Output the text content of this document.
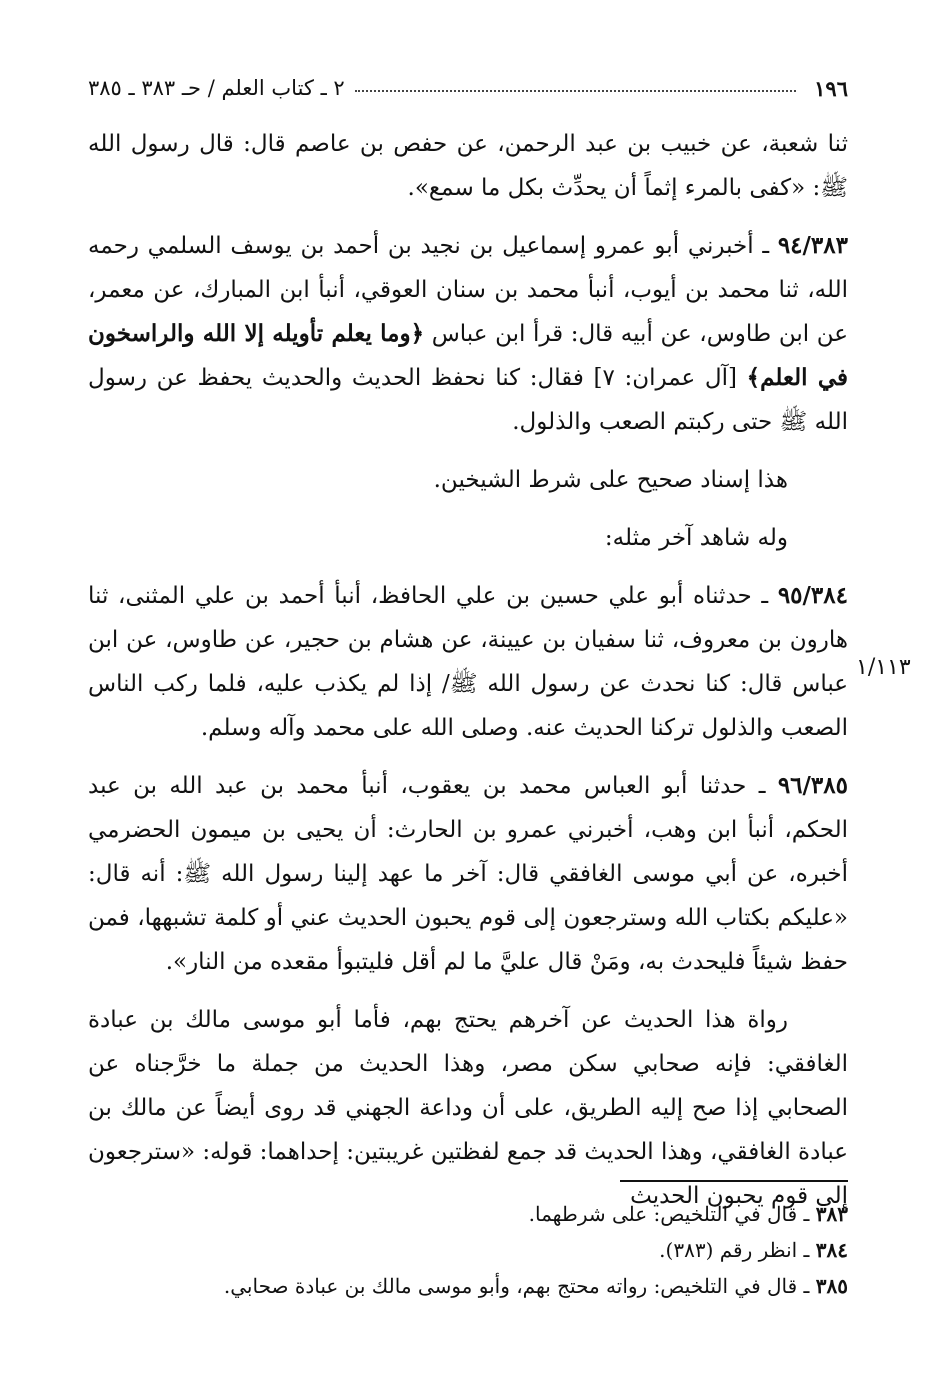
١٩٦
٢ ـ كتاب العلم / حـ ٣٨٣ ـ ٣٨٥
١/١١٣

ثنا شعبة، عن خبيب بن عبد الرحمن، عن حفص بن عاصم قال: قال رسول الله ﷺ: «كفى بالمرء إثماً أن يحدِّث بكل ما سمع».

٩٤/٣٨٣ ـ أخبرني أبو عمرو إسماعيل بن نجيد بن أحمد بن يوسف السلمي رحمه الله، ثنا محمد بن أيوب، أنبأ محمد بن سنان العوقي، أنبأ ابن المبارك، عن معمر، عن ابن طاوس، عن أبيه قال: قرأ ابن عباس ﴿وما يعلم تأويله إلا الله والراسخون في العلم﴾ [آل عمران: ٧] فقال: كنا نحفظ الحديث والحديث يحفظ عن رسول الله ﷺ حتى ركبتم الصعب والذلول.

هذا إسناد صحيح على شرط الشيخين.

وله شاهد آخر مثله:

٩٥/٣٨٤ ـ حدثناه أبو علي حسين بن علي الحافظ، أنبأ أحمد بن علي المثنى، ثنا هارون بن معروف، ثنا سفيان بن عيينة، عن هشام بن حجير، عن طاوس، عن ابن عباس قال: كنا نحدث عن رسول الله ﷺ/ إذا لم يكذب عليه، فلما ركب الناس الصعب والذلول تركنا الحديث عنه. وصلى الله على محمد وآله وسلم.

٩٦/٣٨٥ ـ حدثنا أبو العباس محمد بن يعقوب، أنبأ محمد بن عبد الله بن عبد الحكم، أنبأ ابن وهب، أخبرني عمرو بن الحارث: أن يحيى بن ميمون الحضرمي أخبره، عن أبي موسى الغافقي قال: آخر ما عهد إلينا رسول الله ﷺ: أنه قال: «عليكم بكتاب الله وسترجعون إلى قوم يحبون الحديث عني أو كلمة تشبهها، فمن حفظ شيئاً فليحدث به، ومَنْ قال عليَّ ما لم أقل فليتبوأ مقعده من النار».

رواة هذا الحديث عن آخرهم يحتج بهم، فأما أبو موسى مالك بن عبادة الغافقي: فإنه صحابي سكن مصر، وهذا الحديث من جملة ما خرَّجناه عن الصحابي إذا صح إليه الطريق، على أن وداعة الجهني قد روى أيضاً عن مالك بن عبادة الغافقي، وهذا الحديث قد جمع لفظتين غريبتين: إحداهما: قوله: «سترجعون إلى قوم يحبون الحديث

٣٨٣ ـ قال في التلخيص: على شرطهما.

٣٨٤ ـ انظر رقم (٣٨٣).

٣٨٥ ـ قال في التلخيص: رواته محتج بهم، وأبو موسى مالك بن عبادة صحابي.
